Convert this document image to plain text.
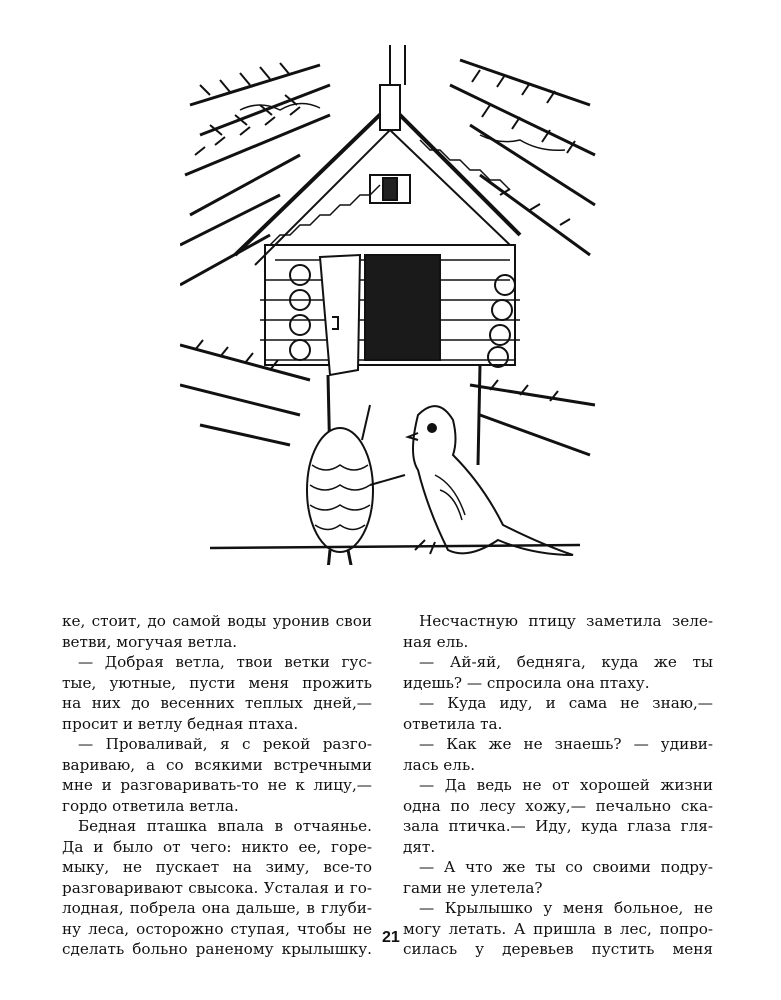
ке, стоит, до самой воды уронив свои
ветви, могучая ветла.
— Добрая ветла, твои ветки гус-
тые, уютные, пусти меня прожить
на них до весенних теплых дней,—
просит и ветлу бедная птаха.
— Проваливай, я с рекой разго-
вариваю, а со всякими встречными
мне и разговаривать-то не к лицу,—
гордо ответила ветла.
Бедная пташка впала в отчаянье.
Да и было от чего: никто ее, горе-
мыку, не пускает на зиму, все-то
разговаривают свысока. Усталая и го-
лодная, побрела она дальше, в глуби-
ну леса, осторожно ступая, чтобы не
сделать больно раненому крылышку.
Несчастную птицу заметила зеле-
ная ель.
— Ай-яй, бедняга, куда же ты
идешь? — спросила она птаху.
— Куда иду, и сама не знаю,—
ответила та.
— Как же не знаешь? — удиви-
лась ель.
— Да ведь не от хорошей жизни
одна по лесу хожу,— печально ска-
зала птичка.— Иду, куда глаза гля-
дят.
— А что же ты со своими подру-
гами не улетела?
— Крылышко у меня больное, не
могу летать. А пришла в лес, попро-
силась у деревьев пустить меня
21
